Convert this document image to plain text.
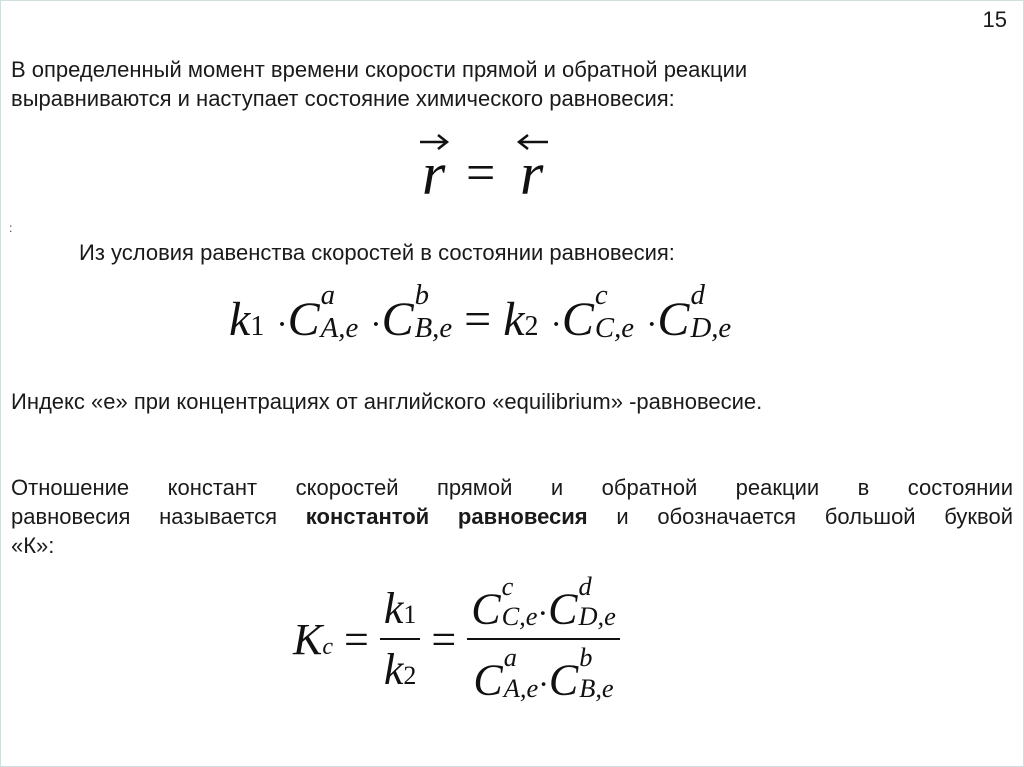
15
В определенный момент времени скорости прямой и обратной реакции
выравниваются и наступает состояние химического равновесия:
r = r
:
Из условия равенства скоростей в состоянии равновесия:
k1 ·C a
A,e ·C b
B,e = k2 ·C c
C,e ·C d
D,e
Индекс «е» при концентрациях от английского «equilibrium» -равновесие.
Отношение констант скоростей прямой и обратной реакции в состоянии
равновесия называется константой равновесия и обозначается большой буквой
«К»:
$Kc = \frac{k1}{k2} = C$ c
C,e ·C d
D,e
C a
A,e ·C b
B,e
